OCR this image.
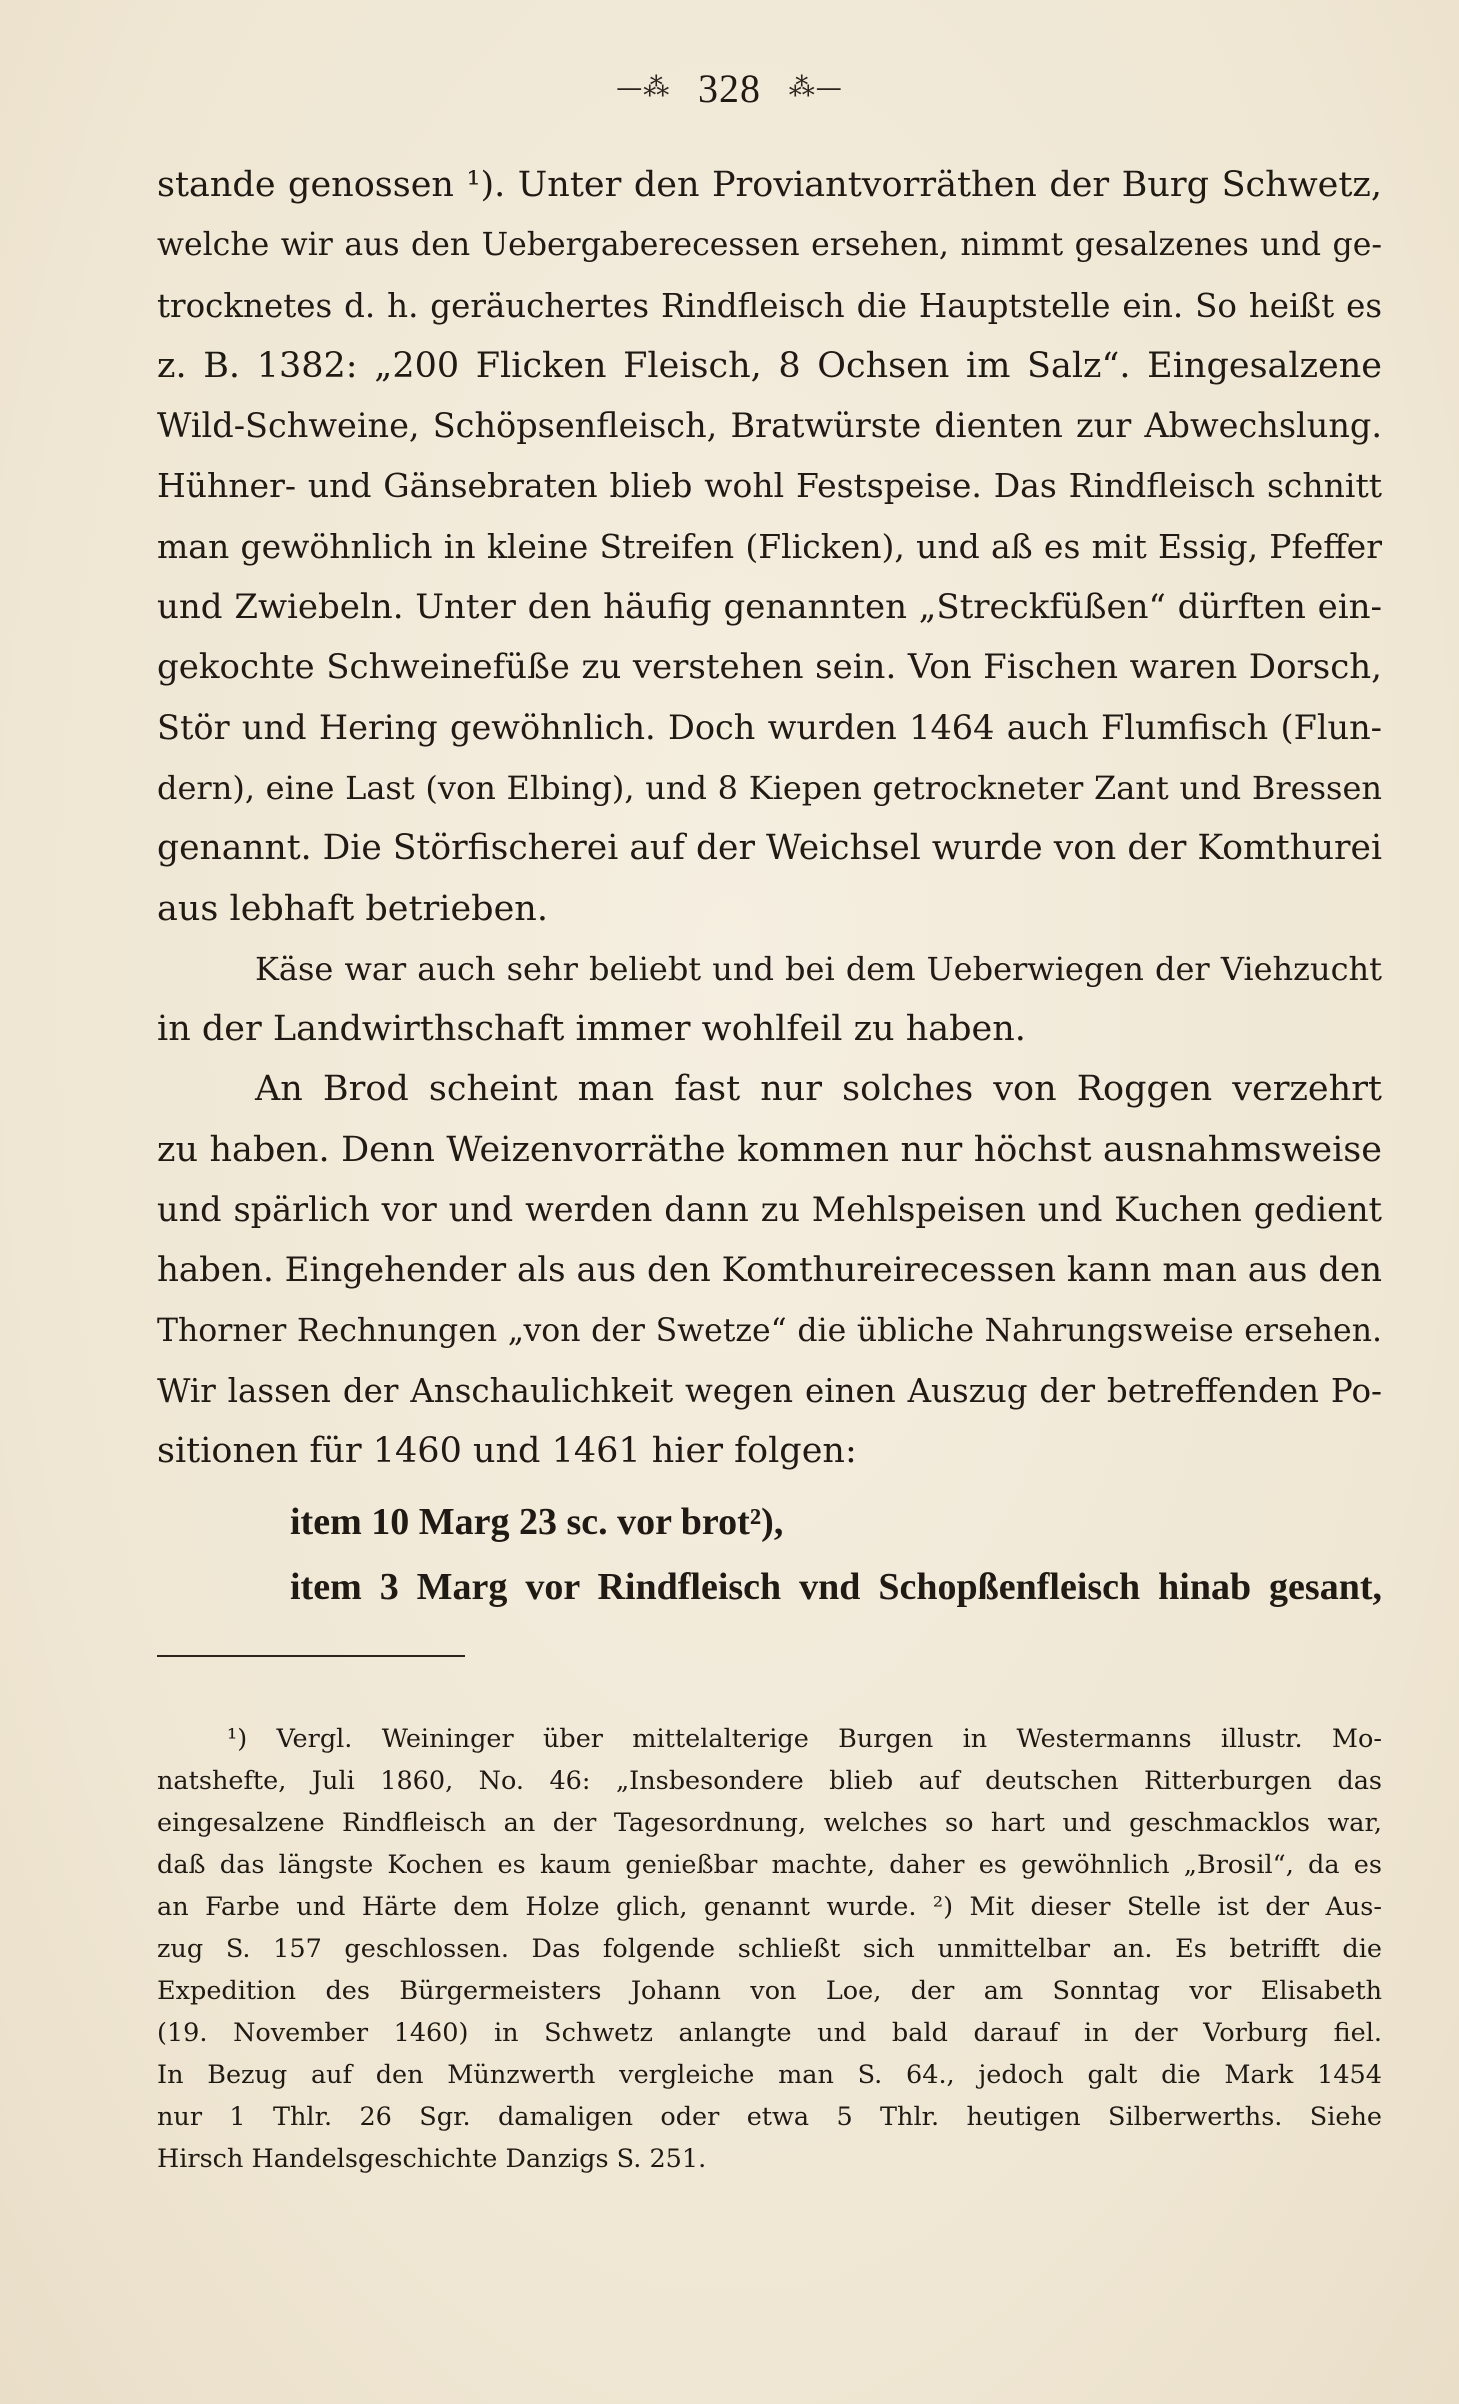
—⁂ 328 ⁂—
stande genossen ¹). Unter den Proviantvorräthen der Burg Schwetz,
welche wir aus den Uebergaberecessen ersehen, nimmt gesalzenes und ge-
trocknetes d. h. geräuchertes Rindfleisch die Hauptstelle ein. So heißt es
z. B. 1382: „200 Flicken Fleisch, 8 Ochsen im Salz“. Eingesalzene
Wild-Schweine, Schöpsenfleisch, Bratwürste dienten zur Abwechslung.
Hühner- und Gänsebraten blieb wohl Festspeise. Das Rindfleisch schnitt
man gewöhnlich in kleine Streifen (Flicken), und aß es mit Essig, Pfeffer
und Zwiebeln. Unter den häufig genannten „Streckfüßen“ dürften ein-
gekochte Schweinefüße zu verstehen sein. Von Fischen waren Dorsch,
Stör und Hering gewöhnlich. Doch wurden 1464 auch Flumfisch (Flun-
dern), eine Last (von Elbing), und 8 Kiepen getrockneter Zant und Bressen
genannt. Die Störfischerei auf der Weichsel wurde von der Komthurei
aus lebhaft betrieben.
Käse war auch sehr beliebt und bei dem Ueberwiegen der Viehzucht
in der Landwirthschaft immer wohlfeil zu haben.
An Brod scheint man fast nur solches von Roggen verzehrt
zu haben. Denn Weizenvorräthe kommen nur höchst ausnahmsweise
und spärlich vor und werden dann zu Mehlspeisen und Kuchen gedient
haben. Eingehender als aus den Komthureirecessen kann man aus den
Thorner Rechnungen „von der Swetze“ die übliche Nahrungsweise ersehen.
Wir lassen der Anschaulichkeit wegen einen Auszug der betreffenden Po-
sitionen für 1460 und 1461 hier folgen:
item 10 Marg 23 sc. vor brot²),
item 3 Marg vor Rindfleisch vnd Schopßenfleisch hinab gesant,
¹) Vergl. Weininger über mittelalterige Burgen in Westermanns illustr. Mo-
natshefte, Juli 1860, No. 46: „Insbesondere blieb auf deutschen Ritterburgen das
eingesalzene Rindfleisch an der Tagesordnung, welches so hart und geschmacklos war,
daß das längste Kochen es kaum genießbar machte, daher es gewöhnlich „Brosil“, da es
an Farbe und Härte dem Holze glich, genannt wurde. ²) Mit dieser Stelle ist der Aus-
zug S. 157 geschlossen. Das folgende schließt sich unmittelbar an. Es betrifft die
Expedition des Bürgermeisters Johann von Loe, der am Sonntag vor Elisabeth
(19. November 1460) in Schwetz anlangte und bald darauf in der Vorburg fiel.
In Bezug auf den Münzwerth vergleiche man S. 64., jedoch galt die Mark 1454
nur 1 Thlr. 26 Sgr. damaligen oder etwa 5 Thlr. heutigen Silberwerths. Siehe
Hirsch Handelsgeschichte Danzigs S. 251.
